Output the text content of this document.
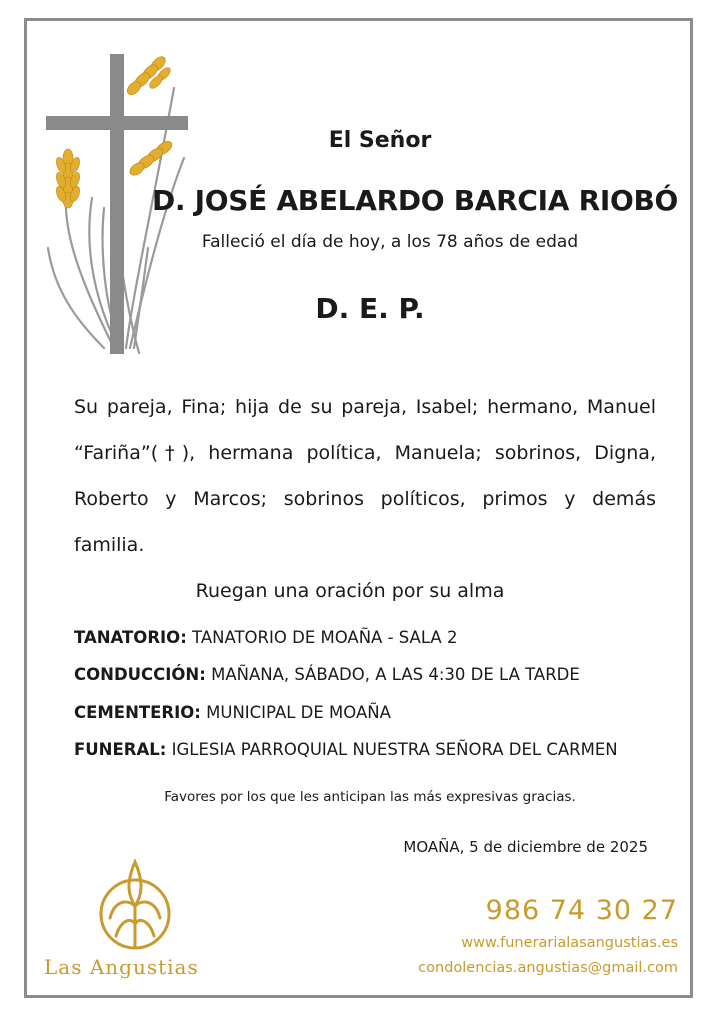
El Señor
D. JOSÉ ABELARDO BARCIA RIOBÓ
Falleció el día de hoy, a los 78 años de edad
D. E. P.
Su pareja, Fina; hija de su pareja, Isabel; hermano, Manuel “Fariña”(†), hermana política, Manuela; sobrinos, Digna, Roberto y Marcos; sobrinos políticos, primos y demás familia.
Ruegan una oración por su alma
TANATORIO: TANATORIO DE MOAÑA - SALA 2
CONDUCCIÓN: MAÑANA, SÁBADO, A LAS 4:30 DE LA TARDE
CEMENTERIO: MUNICIPAL DE MOAÑA
FUNERAL: IGLESIA PARROQUIAL NUESTRA SEÑORA DEL CARMEN
Favores por los que les anticipan las más expresivas gracias.
MOAÑA, 5 de diciembre de 2025
Las Angustias
986 74 30 27
www.funerarialasangustias.es
condolencias.angustias@gmail.com
